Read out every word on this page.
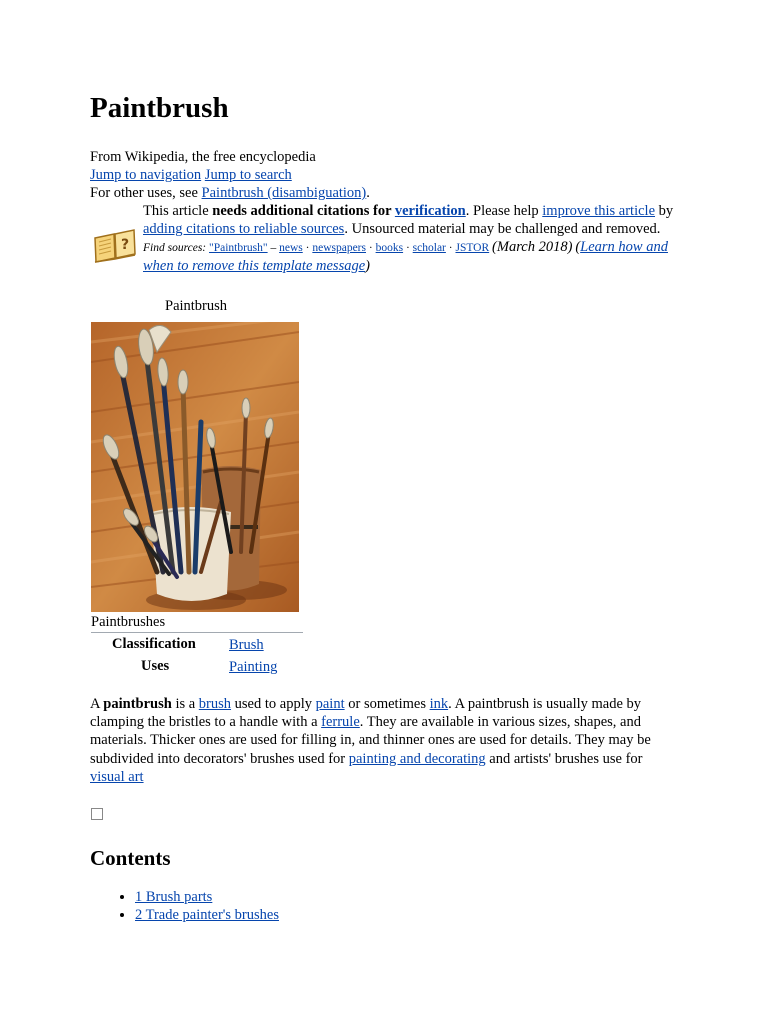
Paintbrush
From Wikipedia, the free encyclopedia
Jump to navigation Jump to search
For other uses, see Paintbrush (disambiguation).
?
This article needs additional citations for verification. Please help improve this article by adding citations to reliable sources. Unsourced material may be challenged and removed.
Find sources: "Paintbrush" – news · newspapers · books · scholar · JSTOR (March 2018) (Learn how and when to remove this template message)
Paintbrush
Paintbrushes
Classification Brush
Uses	Painting
A paintbrush is a brush used to apply paint or sometimes ink. A paintbrush is usually made by clamping the bristles to a handle with a ferrule. They are available in various sizes, shapes, and materials. Thicker ones are used for filling in, and thinner ones are used for details. They may be subdivided into decorators' brushes used for painting and decorating and artists' brushes use for visual art
Contents
• 1 Brush parts
• 2 Trade painter's brushes
